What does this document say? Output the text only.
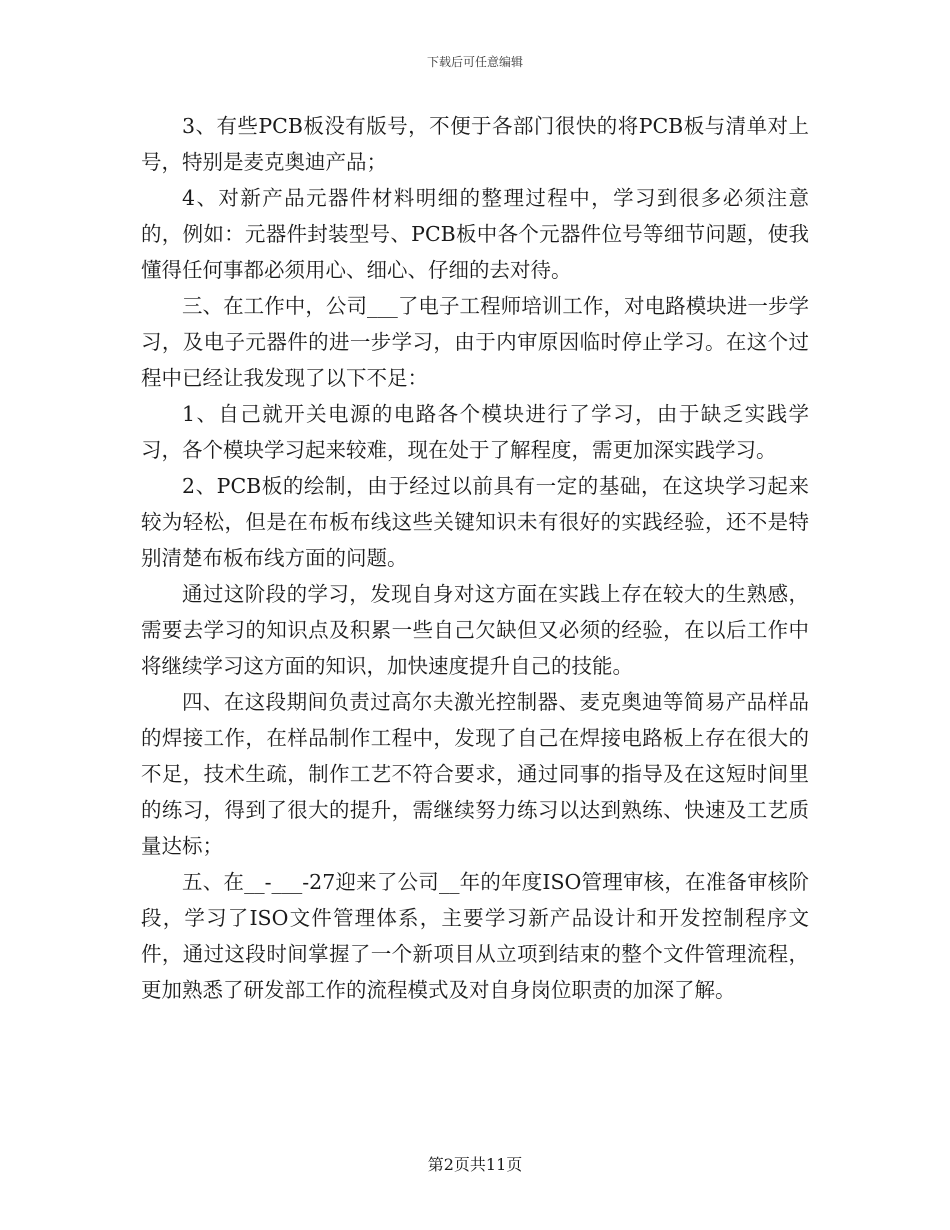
下载后可任意编辑

3、有些PCB板没有版号，不便于各部门很快的将PCB板与清单对上号，特别是麦克奥迪产品；

4、对新产品元器件材料明细的整理过程中，学习到很多必须注意的，例如：元器件封装型号、PCB板中各个元器件位号等细节问题，使我懂得任何事都必须用心、细心、仔细的去对待。

三、在工作中，公司___了电子工程师培训工作，对电路模块进一步学习，及电子元器件的进一步学习，由于内审原因临时停止学习。在这个过程中已经让我发现了以下不足：

1、自己就开关电源的电路各个模块进行了学习，由于缺乏实践学习，各个模块学习起来较难，现在处于了解程度，需更加深实践学习。

2、PCB板的绘制，由于经过以前具有一定的基础，在这块学习起来较为轻松，但是在布板布线这些关键知识未有很好的实践经验，还不是特别清楚布板布线方面的问题。

通过这阶段的学习，发现自身对这方面在实践上存在较大的生熟感，需要去学习的知识点及积累一些自己欠缺但又必须的经验，在以后工作中将继续学习这方面的知识，加快速度提升自己的技能。

四、在这段期间负责过高尔夫激光控制器、麦克奥迪等简易产品样品的焊接工作，在样品制作工程中，发现了自己在焊接电路板上存在很大的不足，技术生疏，制作工艺不符合要求，通过同事的指导及在这短时间里的练习，得到了很大的提升，需继续努力练习以达到熟练、快速及工艺质量达标；

五、在__-___-27迎来了公司__年的年度ISO管理审核，在准备审核阶段，学习了ISO文件管理体系，主要学习新产品设计和开发控制程序文件，通过这段时间掌握了一个新项目从立项到结束的整个文件管理流程，更加熟悉了研发部工作的流程模式及对自身岗位职责的加深了解。

第2页共11页
